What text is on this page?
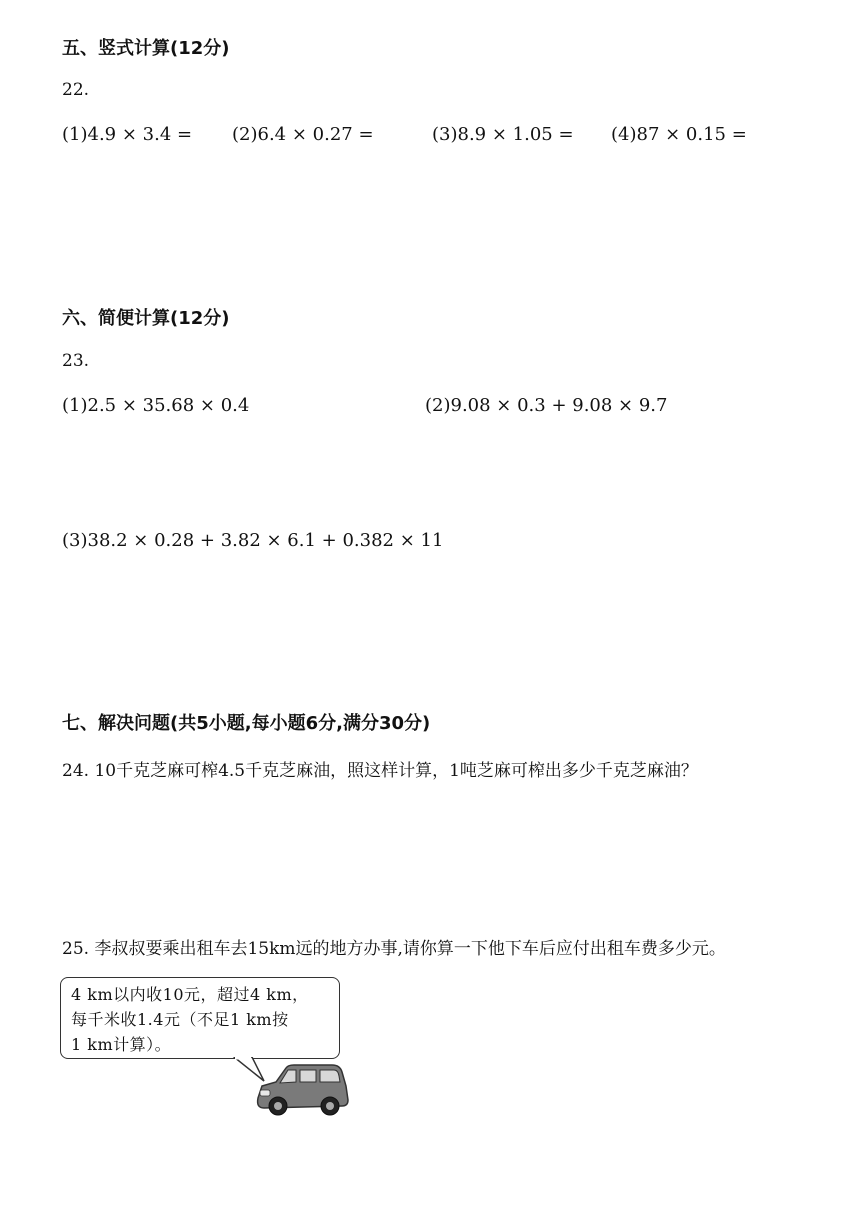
五、竖式计算(12分)
22.
(1)4.9 × 3.4 = (2)6.4 × 0.27 =	(3)8.9 × 1.05 = (4)87 × 0.15 =
六、简便计算(12分)
23.
(1)2.5 × 35.68 × 0.4	(2)9.08 × 0.3 + 9.08 × 9.7
(3)38.2 × 0.28 + 3.82 × 6.1 + 0.382 × 11
七、解决问题(共5小题,每小题6分,满分30分)
24. 10千克芝麻可榨4.5千克芝麻油，照这样计算，1吨芝麻可榨出多少千克芝麻油？
25. 李叔叔要乘出租车去15km远的地方办事,请你算一下他下车后应付出租车费多少元。
4 km以内收10元，超过4 km，
每千米收1.4元（不足1 km按
1 km计算）。
